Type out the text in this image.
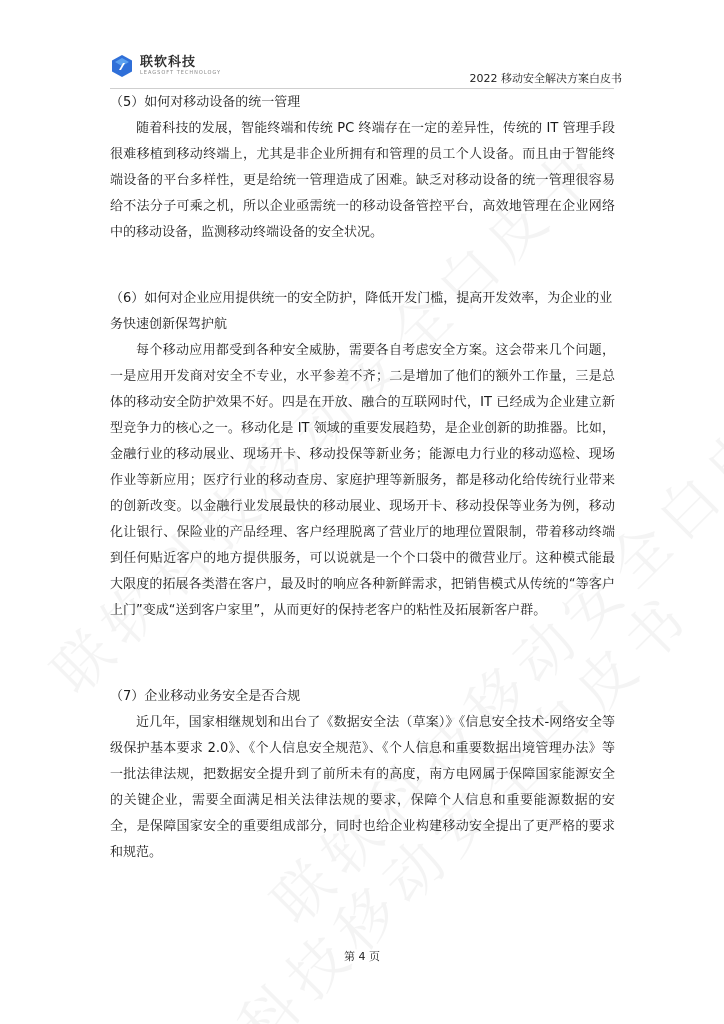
联软科技
LEAGSOFT TECHNOLOGY	2022 移动安全解决方案白皮书

（5）如何对移动设备的统一管理

随着科技的发展，智能终端和传统 PC 终端存在一定的差异性，传统的 IT 管理手段很难移植到移动终端上，尤其是非企业所拥有和管理的员工个人设备。而且由于智能终端设备的平台多样性，更是给统一管理造成了困难。缺乏对移动设备的统一管理很容易给不法分子可乘之机，所以企业亟需统一的移动设备管控平台，高效地管理在企业网络中的移动设备，监测移动终端设备的安全状况。

（6）如何对企业应用提供统一的安全防护，降低开发门槛，提高开发效率，为企业的业务快速创新保驾护航

每个移动应用都受到各种安全威胁，需要各自考虑安全方案。这会带来几个问题，一是应用开发商对安全不专业，水平参差不齐；二是增加了他们的额外工作量，三是总体的移动安全防护效果不好。四是在开放、融合的互联网时代，IT 已经成为企业建立新型竞争力的核心之一。移动化是 IT 领域的重要发展趋势，是企业创新的助推器。比如，金融行业的移动展业、现场开卡、移动投保等新业务；能源电力行业的移动巡检、现场作业等新应用；医疗行业的移动查房、家庭护理等新服务，都是移动化给传统行业带来的创新改变。以金融行业发展最快的移动展业、现场开卡、移动投保等业务为例，移动化让银行、保险业的产品经理、客户经理脱离了营业厅的地理位置限制，带着移动终端到任何贴近客户的地方提供服务，可以说就是一个个口袋中的微营业厅。这种模式能最大限度的拓展各类潜在客户，最及时的响应各种新鲜需求，把销售模式从传统的“等客户上门”变成“送到客户家里”，从而更好的保持老客户的粘性及拓展新客户群。

（7）企业移动业务安全是否合规

近几年，国家相继规划和出台了《数据安全法（草案）》《信息安全技术-网络安全等级保护基本要求 2.0》、《个人信息安全规范》、《个人信息和重要数据出境管理办法》等一批法律法规，把数据安全提升到了前所未有的高度，南方电网属于保障国家能源安全的关键企业，需要全面满足相关法律法规的要求，保障个人信息和重要能源数据的安全，是保障国家安全的重要组成部分，同时也给企业构建移动安全提出了更严格的要求和规范。

第 4 页
